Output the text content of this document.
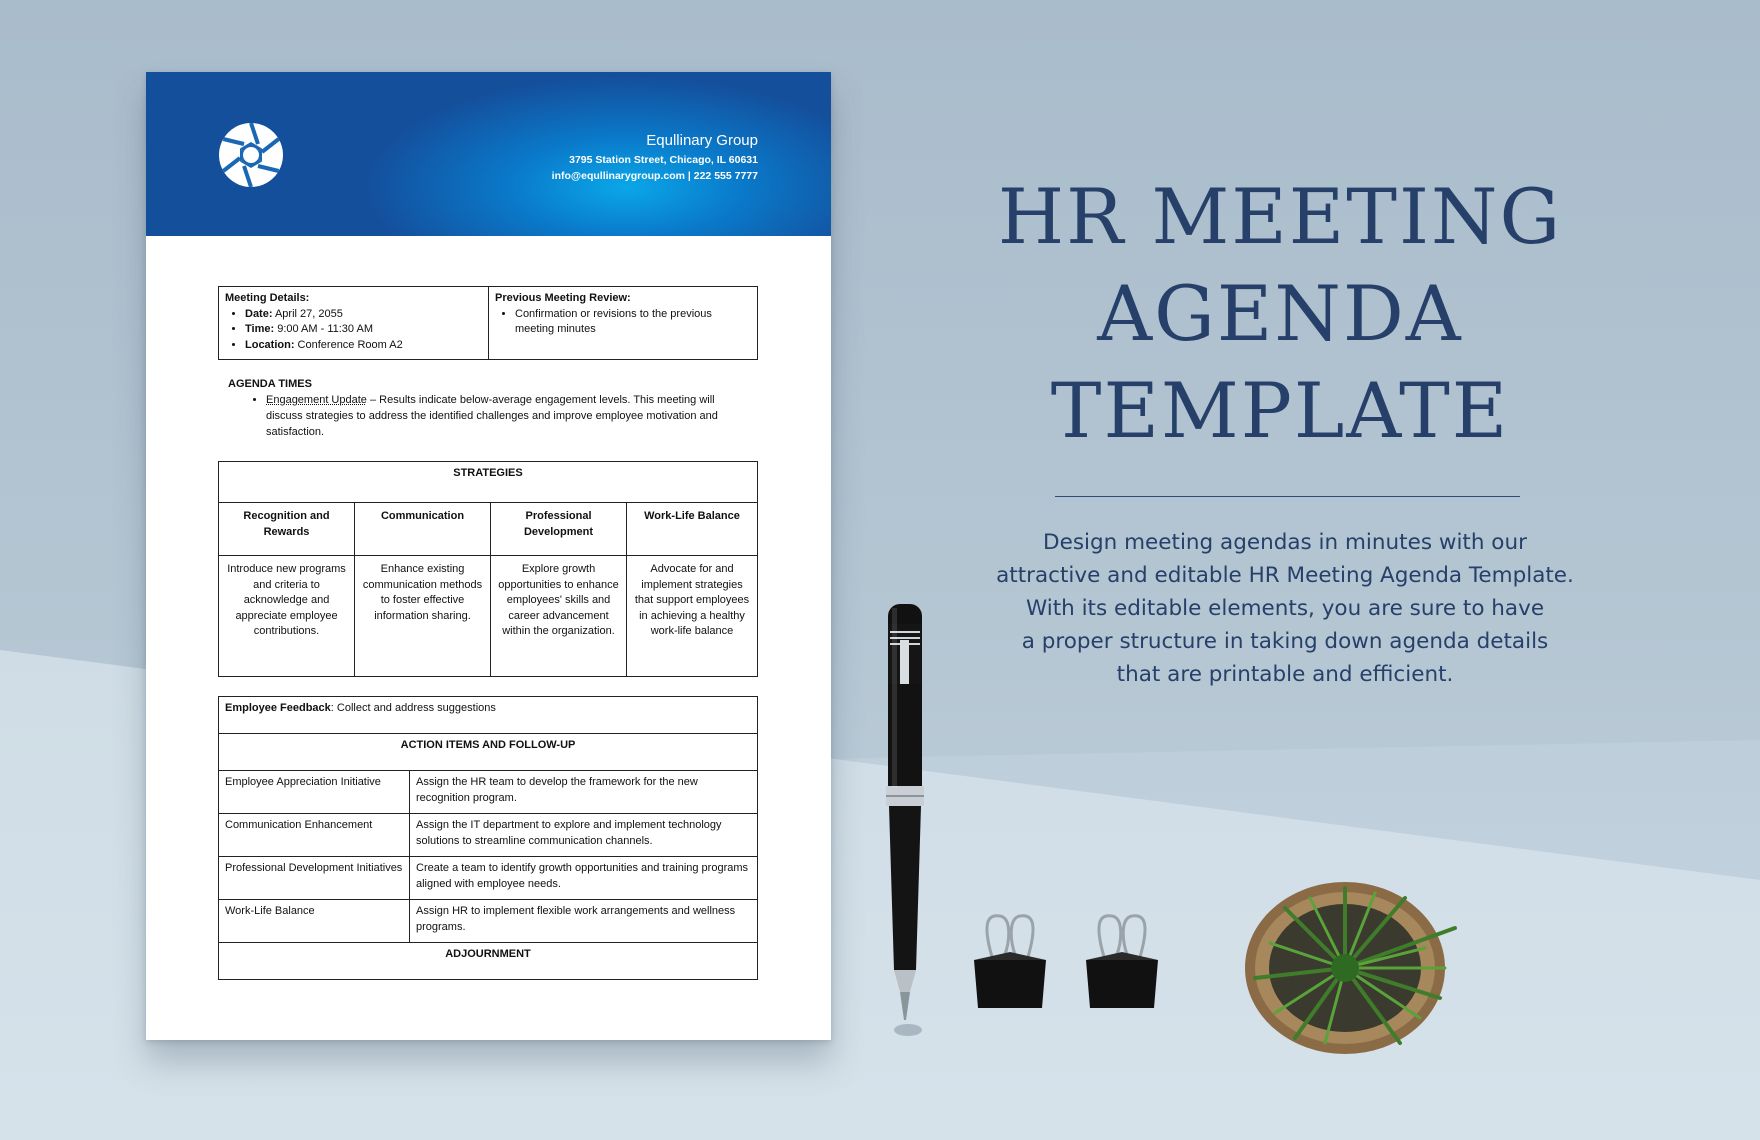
Equllinary Group
3795 Station Street, Chicago, IL 60631
info@equllinarygroup.com | 222 555 7777
Meeting Details:
• Date: April 27, 2055
• Time: 9:00 AM - 11:30 AM
• Location: Conference Room A2

Previous Meeting Review:
• Confirmation or revisions to the previous meeting minutes
AGENDA TIMES
• Engagement Update – Results indicate below-average engagement levels. This meeting will discuss strategies to address the identified challenges and improve employee motivation and satisfaction.
STRATEGIES			
Recognition and Rewards	Communication	Professional Development	Work-Life Balance
Introduce new programs and criteria to acknowledge and appreciate employee contributions.	Enhance existing communication methods to foster effective information sharing.	Explore growth opportunities to enhance employees' skills and career advancement within the organization.	Advocate for and implement strategies that support employees in achieving a healthy work-life balance
Employee Feedback: Collect and address suggestions	
ACTION ITEMS AND FOLLOW-UP	
Employee Appreciation Initiative	Assign the HR team to develop the framework for the new recognition program.
Communication Enhancement	Assign the IT department to explore and implement technology solutions to streamline communication channels.
Professional Development Initiatives	Create a team to identify growth opportunities and training programs aligned with employee needs.
Work-Life Balance	Assign HR to implement flexible work arrangements and wellness programs.
ADJOURNMENT	
HR MEETING
AGENDA
TEMPLATE
Design meeting agendas in minutes with our
attractive and editable HR Meeting Agenda Template.
With its editable elements, you are sure to have
a proper structure in taking down agenda details
that are printable and efficient.
